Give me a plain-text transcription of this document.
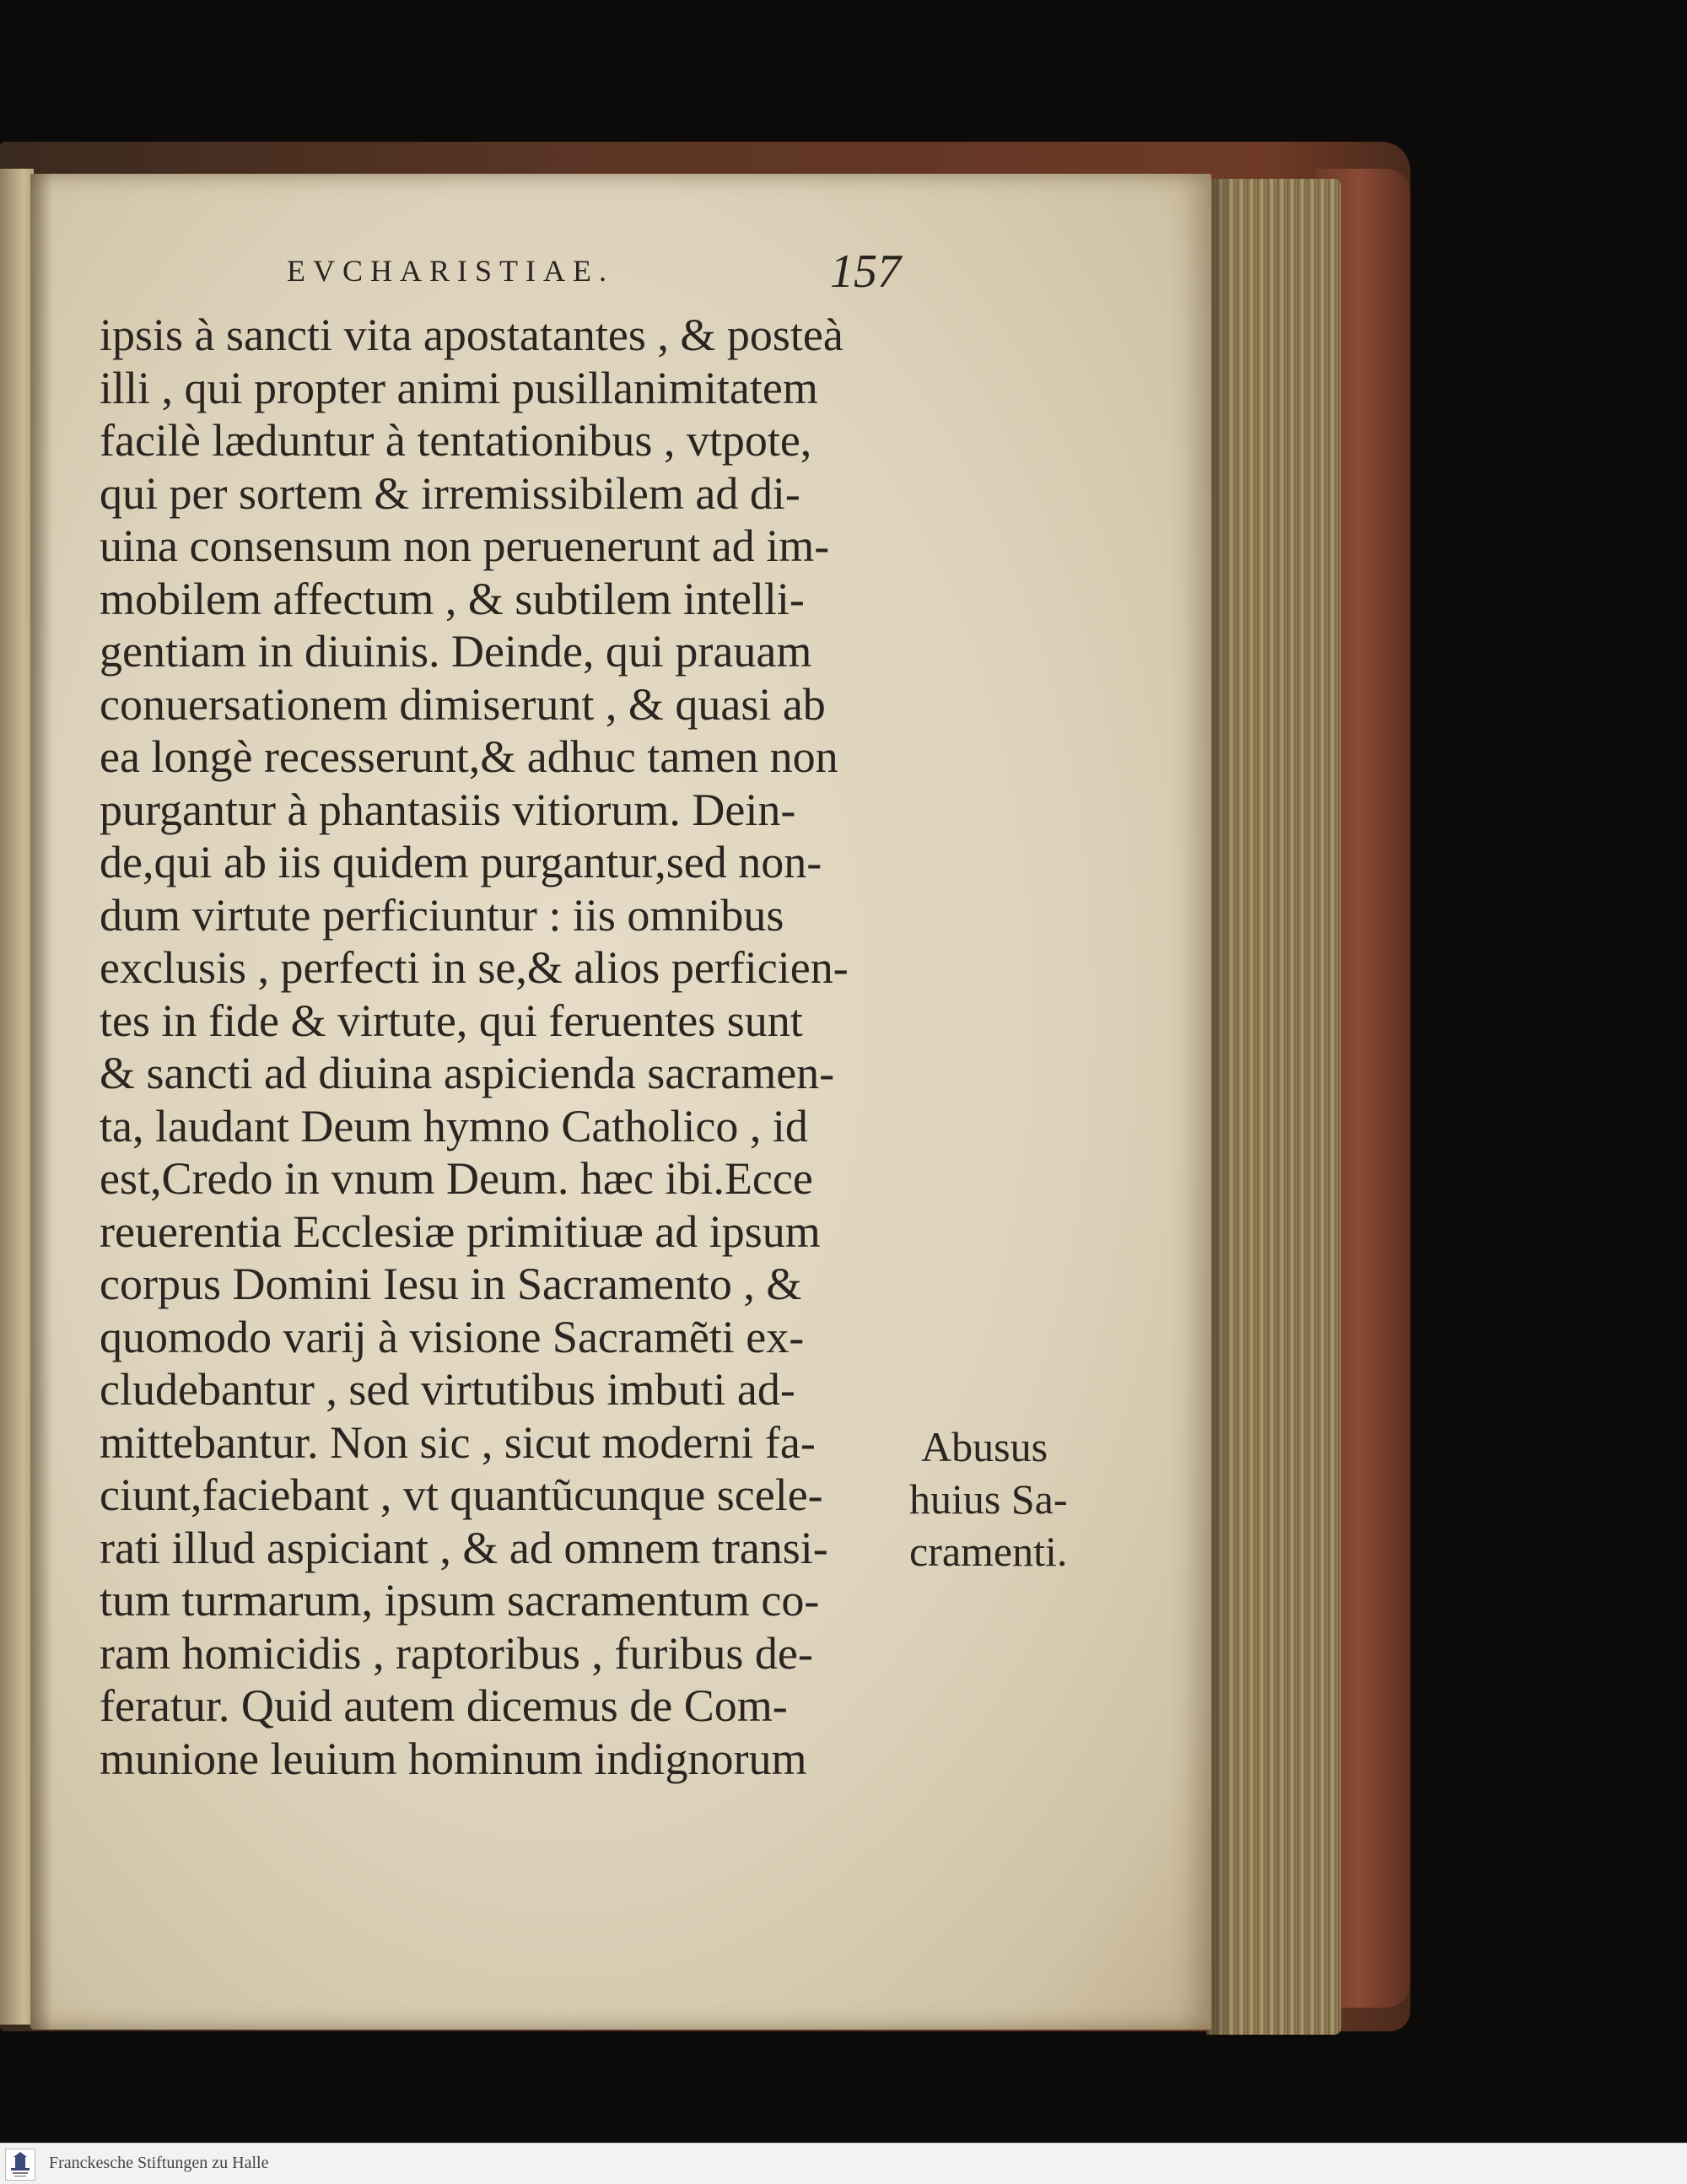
EVCHARISTIAE.	157
ipsis à sancti vita apostatantes , & posteà
illi , qui propter animi pusillanimitatem
facilè læduntur à tentationibus , vtpote,
qui per sortem & irremissibilem ad di-
uina consensum non peruenerunt ad im-
mobilem affectum , & subtilem intelli-
gentiam in diuinis. Deinde, qui prauam
conuersationem dimiserunt , & quasi ab
ea longè recesserunt,& adhuc tamen non
purgantur à phantasiis vitiorum. Dein-
de,qui ab iis quidem purgantur,sed non-
dum virtute perficiuntur : iis omnibus
exclusis , perfecti in se,& alios perficien-
tes in fide & virtute, qui feruentes sunt
& sancti ad diuina aspicienda sacramen-
ta, laudant Deum hymno Catholico , id
est,Credo in vnum Deum. hæc ibi.Ecce
reuerentia Ecclesiæ primitiuæ ad ipsum
corpus Domini Iesu in Sacramento , &
quomodo varij à visione Sacramẽti ex-
cludebantur , sed virtutibus imbuti ad-
mittebantur. Non sic , sicut moderni fa-
ciunt,faciebant , vt quantũcunque scele-
rati illud aspiciant , & ad omnem transi-
tum turmarum, ipsum sacramentum co-
ram homicidis , raptoribus , furibus de-
feratur. Quid autem dicemus de Com-
munione leuium hominum indignorum
Abusus
huius Sa-
cramenti.
Franckesche Stiftungen zu Halle
